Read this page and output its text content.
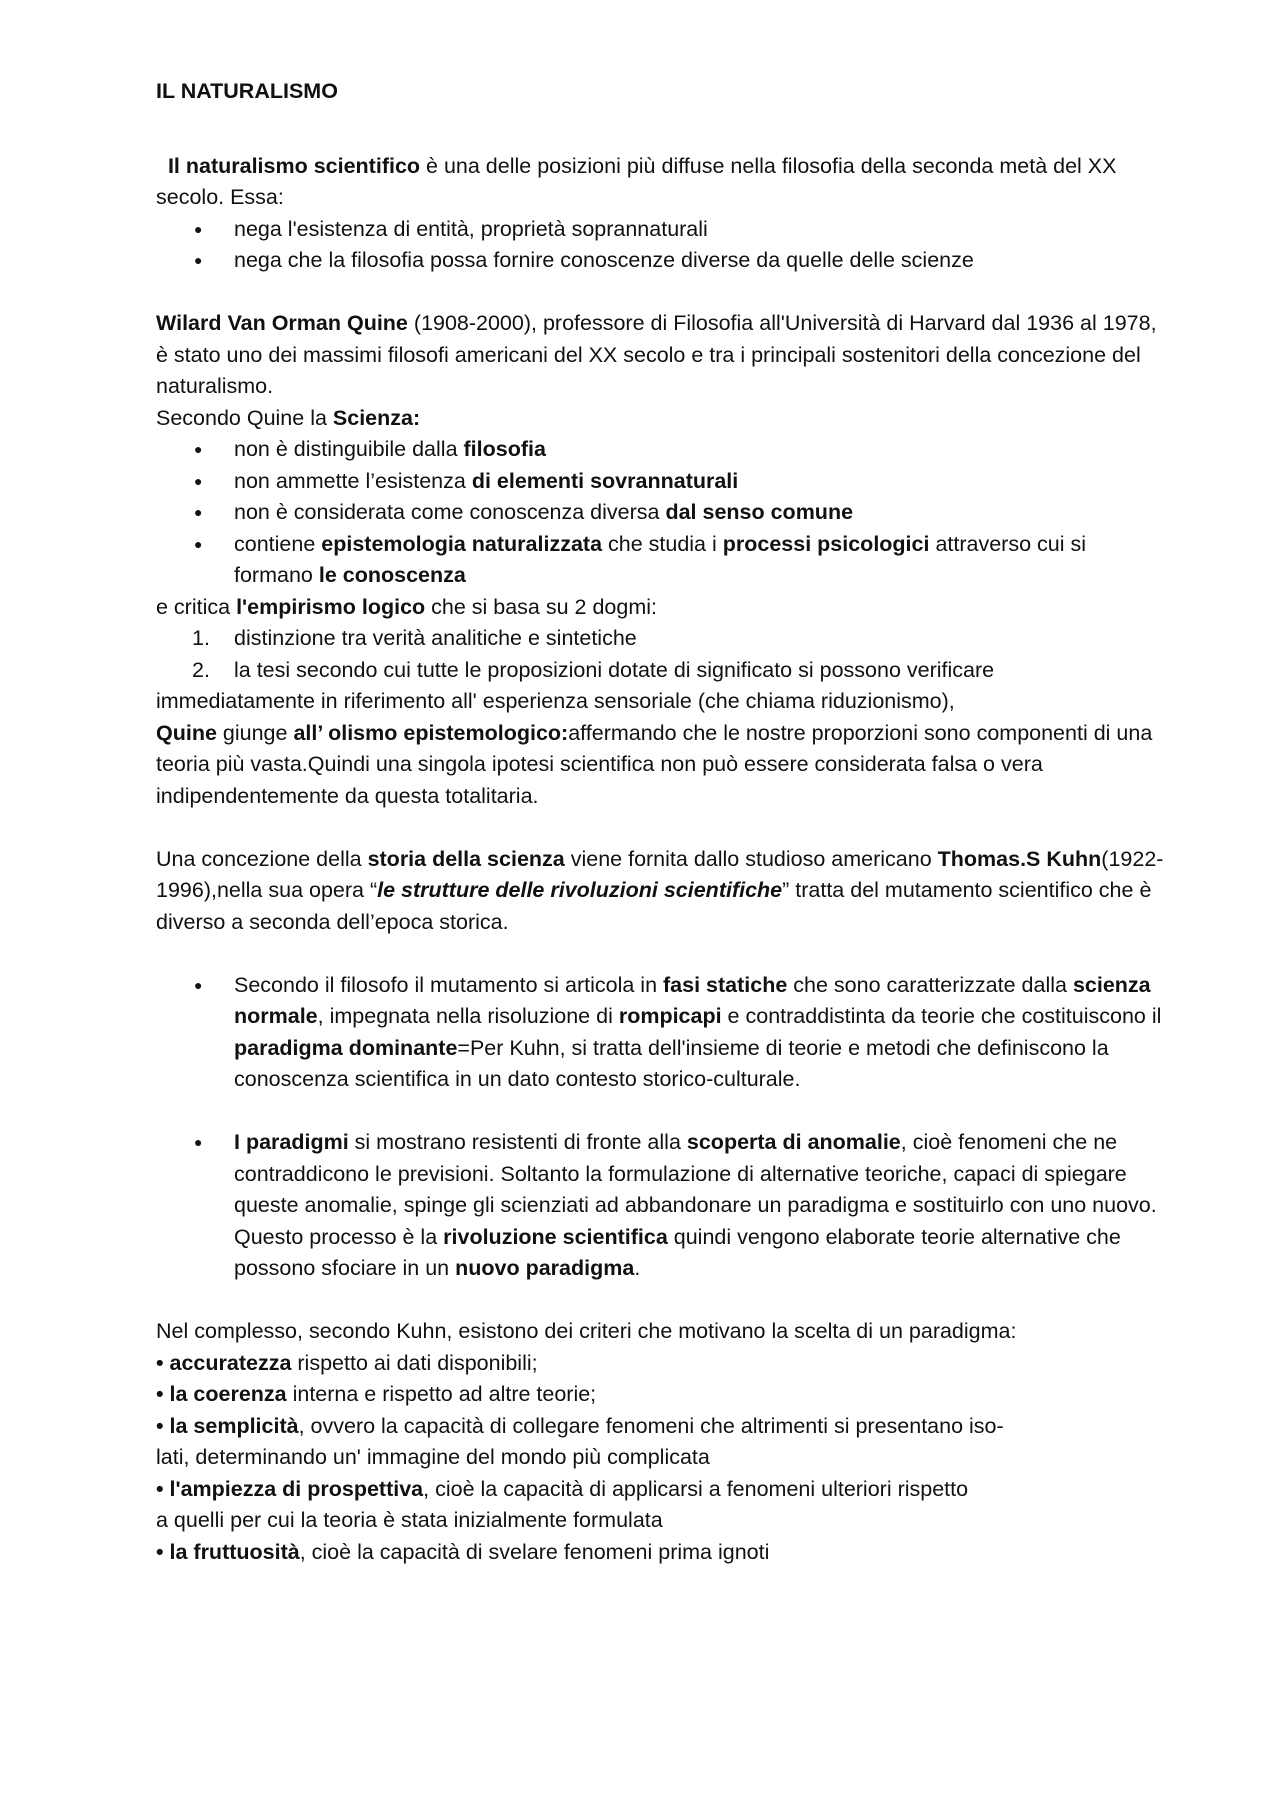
IL NATURALISMO

Il naturalismo scientifico è una delle posizioni più diffuse nella filosofia della seconda metà del XX secolo. Essa:

● nega l'esistenza di entità, proprietà soprannaturali
● nega che la filosofia possa fornire conoscenze diverse da quelle delle scienze

Wilard Van Orman Quine (1908-2000), professore di Filosofia all'Università di Harvard dal 1936 al 1978, è stato uno dei massimi filosofi americani del XX secolo e tra i principali sostenitori della concezione del naturalismo.

Secondo Quine la Scienza:

● non è distinguibile dalla filosofia
● non ammette l’esistenza di elementi sovrannaturali
● non è considerata come conoscenza diversa dal senso comune
● contiene epistemologia naturalizzata che studia i processi psicologici attraverso cui si formano le conoscenza

e critica l'empirismo logico che si basa su 2 dogmi:

1. distinzione tra verità analitiche e sintetiche
2. la tesi secondo cui tutte le proposizioni dotate di significato si possono verificare

immediatamente in riferimento all' esperienza sensoriale (che chiama riduzionismo),

Quine giunge all’ olismo epistemologico:affermando che le nostre proporzioni sono componenti di una teoria più vasta.Quindi una singola ipotesi scientifica non può essere considerata falsa o vera indipendentemente da questa totalitaria.

Una concezione della storia della scienza viene fornita dallo studioso americano Thomas.S Kuhn(1922-1996),nella sua opera “le strutture delle rivoluzioni scientifiche” tratta del mutamento scientifico che è diverso a seconda dell’epoca storica.

● Secondo il filosofo il mutamento si articola in fasi statiche che sono caratterizzate dalla scienza normale, impegnata nella risoluzione di rompicapi e contraddistinta da teorie che costituiscono il paradigma dominante=Per Kuhn, si tratta dell'insieme di teorie e metodi che definiscono la conoscenza scientifica in un dato contesto storico-culturale.
● I paradigmi si mostrano resistenti di fronte alla scoperta di anomalie, cioè fenomeni che ne contraddicono le previsioni. Soltanto la formulazione di alternative teoriche, capaci di spiegare queste anomalie, spinge gli scienziati ad abbandonare un paradigma e sostituirlo con uno nuovo. Questo processo è la rivoluzione scientifica quindi vengono elaborate teorie alternative che possono sfociare in un nuovo paradigma.

Nel complesso, secondo Kuhn, esistono dei criteri che motivano la scelta di un paradigma:

• accuratezza rispetto ai dati disponibili;

• la coerenza interna e rispetto ad altre teorie;

• la semplicità, ovvero la capacità di collegare fenomeni che altrimenti si presentano iso-
lati, determinando un' immagine del mondo più complicata

• l'ampiezza di prospettiva, cioè la capacità di applicarsi a fenomeni ulteriori rispetto
a quelli per cui la teoria è stata inizialmente formulata

• la fruttuosità, cioè la capacità di svelare fenomeni prima ignoti
